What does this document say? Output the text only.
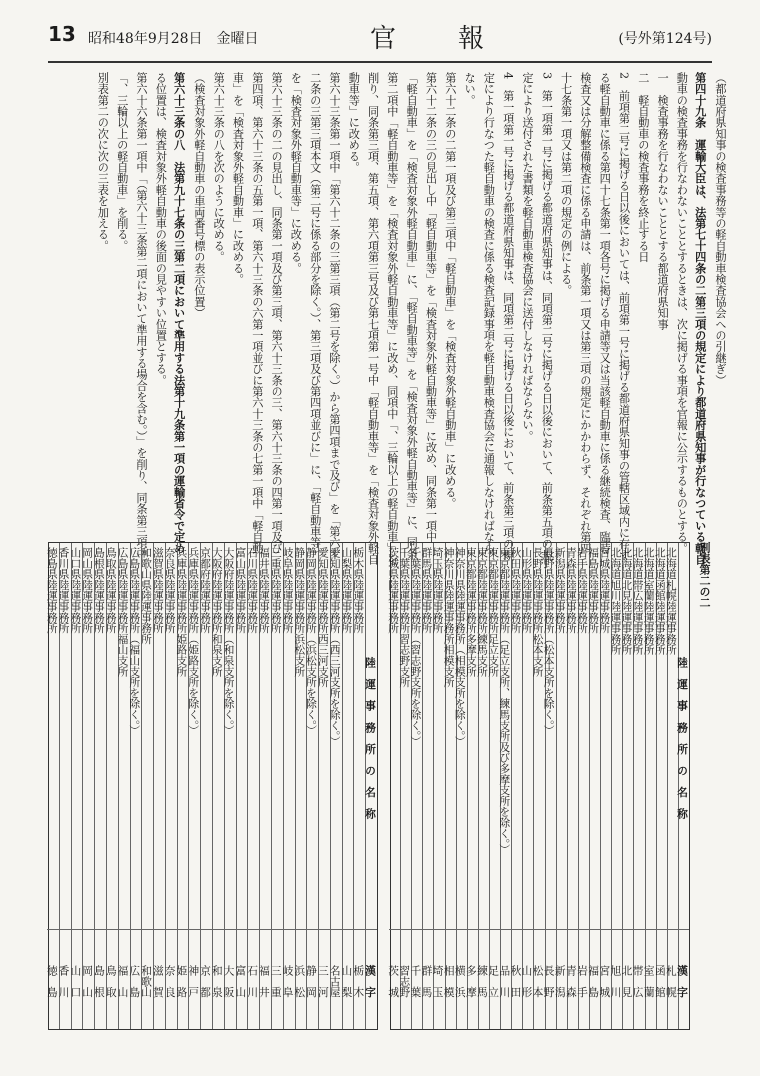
13 昭和48年9月28日　金曜日	官　報	(号外第124号)
（都道府県知事の検査事務等の軽自動車検査協会への引継ぎ）
第四十九条　運輸大臣は、法第七十四条の二第三項の規定により都道府県知事が行なつている軽自
動車の検査事務を行なわないこととするときは、次に掲げる事項を官報に公示するものとする。
一　検査事務を行なわないこととする都道府県知事
二　軽自動車の検査事務を終止する日
2　前項第二号に掲げる日以後においては、前項第一号に掲げる都道府県知事の管轄区域内に存す
る軽自動車に係る第四十七条第一項各号に掲げる申請等又は当該軽自動車に係る継続検査、臨時
検査又は分解整備検査に係る申請は、前条第一項又は第三項の規定にかかわらず、それぞれ第四
十七条第一項又は第二項の規定の例による。
3　第一項第一号に掲げる都道府県知事は、同項第二号に掲げる日以後において、前条第五項の規
定により送付された書類を軽自動車検査協会に送付しなければならない。
4　第一項第一号に掲げる都道府県知事は、同項第二号に掲げる日以後において、前条第三項の規
定により行なつた軽自動車の検査に係る検査記録事項を軽自動車検査協会に通報しなければなら
ない。
第六十二条の二第一項及び第三項中「軽自動車」を「検査対象外軽自動車」に改める。
第六十二条の三の見出し中「軽自動車等」を「検査対象外軽自動車等」に改め、同条第一項中
「軽自動車」を「検査対象外軽自動車」に、「軽自動車等」を「検査対象外軽自動車等」に、同条
第二項中「軽自動車等」を「検査対象外軽自動車等」に改め、同項中「、三輪以上の軽自動車」を
削り、同条第三項、第五項、第六項第三号及び第七項第一号中「軽自動車等」を「検査対象外軽自
動車等」に改める。
第六十三条第一項中「第六十二条の三第三項（第二号を除く。）から第四項まで及び」を「第六十
二条の三第三項本文（第二号に係る部分を除く。）、第三項及び第四項並びに」に、「軽自動車等」
を「検査対象外軽自動車等」に改める。
第六十三条の二の見出し、同条第一項及び第三項、第六十三条の三、第六十三条の四第一項及び
第四項、第六十三条の五第一項、第六十三条の六第一項並びに第六十三条の七第一項中「軽自動
車」を「検査対象外軽自動車」に改める。
第六十三条の八を次のように改める。
（検査対象外軽自動車の車両番号標の表示位置）
第六十三条の八　法第九十七条の三第二項において準用する法第十九条第一項の運輸省令で定め
る位置は、検査対象外軽自動車の後面の見やすい位置とする。
第六十六条第一項中「（第六十三条第二項において準用する場合を含む。）」を削り、同条第三項中
「、三輪以上の軽自動車」を削る。
別表第二の次に次の三表を加える。
別表第二の二
陸　運　事　務　所　の　名　称
漢　字
北海道札幌陸運事務所
札　幌
北海道函館陸運事務所
函　館
北海道室蘭陸運事務所
室　蘭
北海道帯広陸運事務所
帯　広
北海道北見陸運事務所
北　見
北海道旭川陸運事務所
旭　川
宮城県陸運事務所
宮　城
福島県陸運事務所
福　島
岩手県陸運事務所
岩　手
青森県陸運事務所
青　森
新潟県陸運事務所
新　潟
長野県陸運事務所（松本支所を除く。）
長　野
長野県陸運事務所松本支所
松　本
山形県陸運事務所
山　形
秋田県陸運事務所
秋　田
東京都陸運事務所（足立支所、練馬支所及び多摩支所を除く。）
品　川
東京都陸運事務所足立支所
足　立
東京都陸運事務所練馬支所
練　馬
東京都陸運事務所多摩支所
多　摩
神奈川県陸運事務所（相模支所を除く。）
横　浜
神奈川県陸運事務所相模支所
相　模
埼玉県陸運事務所
埼　玉
群馬県陸運事務所
群　馬
千葉県陸運事務所（習志野支所を除く。）
千　葉
千葉県陸運事務所習志野支所
習志野
茨城県陸運事務所
茨　城
陸　運　事　務　所　の　名　称
漢　字
栃木県陸運事務所
栃　木
山梨県陸運事務所
山　梨
愛知県陸運事務所（西三河支所を除く。）
名古屋
愛知県陸運事務所西三河支所
三　河
静岡県陸運事務所（浜松支所を除く。）
静　岡
静岡県陸運事務所浜松支所
浜　松
岐阜県陸運事務所
岐　阜
三重県陸運事務所
三　重
福井県陸運事務所
福　井
石川県陸運事務所
石　川
富山県陸運事務所
富　山
大阪府陸運事務所（和泉支所を除く。）
大　阪
大阪府陸運事務所和泉支所
和　泉
京都府陸運事務所
京　都
兵庫県陸運事務所（姫路支所を除く。）
神　戸
兵庫県陸運事務所姫路支所
姫　路
奈良県陸運事務所
奈　良
滋賀県陸運事務所
滋　賀
和歌山県陸運事務所
和歌山
広島県陸運事務所（福山支所を除く。）
広　島
広島県陸運事務所福山支所
福　山
鳥取県陸運事務所
鳥　取
島根県陸運事務所
島　根
岡山県陸運事務所
岡　山
山口県陸運事務所
山　口
香川県陸運事務所
香　川
徳島県陸運事務所
徳　島
